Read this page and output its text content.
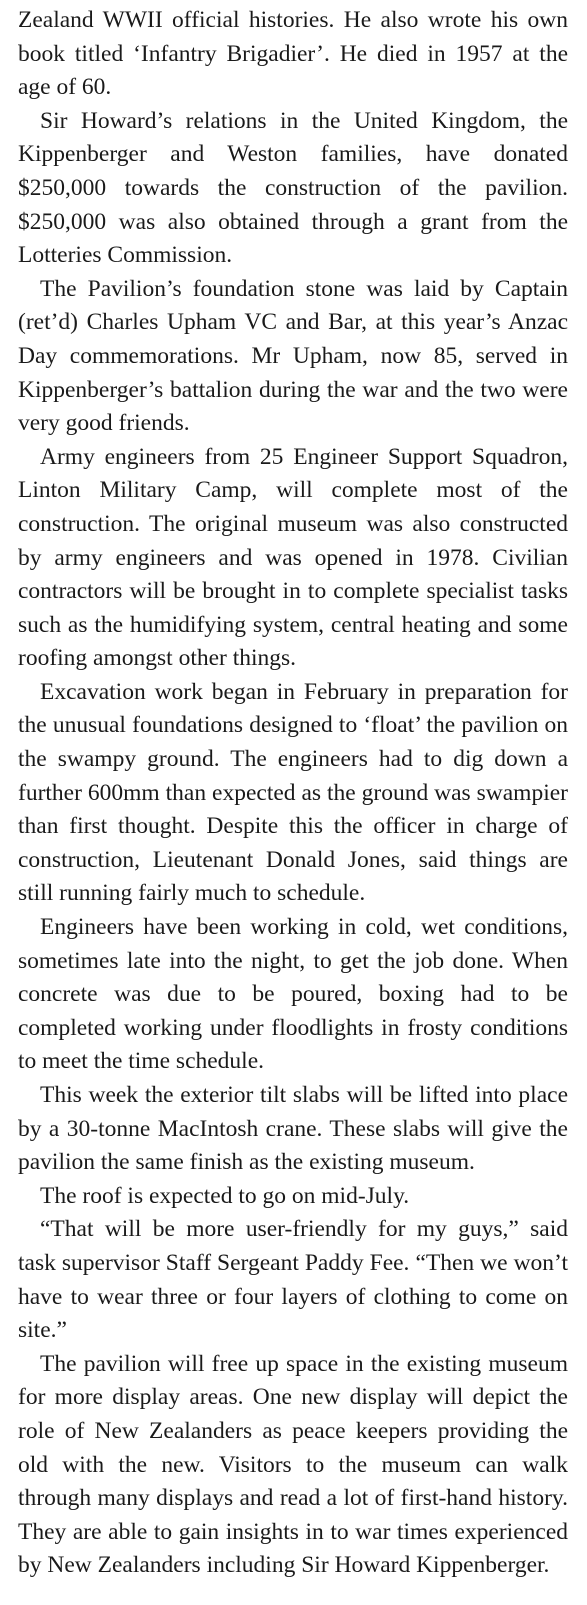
Zealand WWII official histories. He also wrote his own book titled ‘Infantry Brigadier’. He died in 1957 at the age of 60.

Sir Howard’s relations in the United Kingdom, the Kippenberger and Weston families, have donated $250,000 towards the construction of the pavilion. $250,000 was also obtained through a grant from the Lotteries Commission.

The Pavilion’s foundation stone was laid by Captain (ret’d) Charles Upham VC and Bar, at this year’s Anzac Day commemorations. Mr Upham, now 85, served in Kippenberger’s battalion during the war and the two were very good friends.

Army engineers from 25 Engineer Support Squadron, Linton Military Camp, will complete most of the construction. The original museum was also constructed by army engineers and was opened in 1978. Civilian contractors will be brought in to complete specialist tasks such as the humidifying system, central heating and some roofing amongst other things.

Excavation work began in February in preparation for the unusual foundations designed to ‘float’ the pavilion on the swampy ground. The engineers had to dig down a further 600mm than expected as the ground was swampier than first thought. Despite this the officer in charge of construction, Lieutenant Donald Jones, said things are still running fairly much to schedule.

Engineers have been working in cold, wet conditions, sometimes late into the night, to get the job done. When concrete was due to be poured, boxing had to be completed working under floodlights in frosty conditions to meet the time schedule.

This week the exterior tilt slabs will be lifted into place by a 30-tonne MacIntosh crane. These slabs will give the pavilion the same finish as the existing museum.

The roof is expected to go on mid-July.

“That will be more user-friendly for my guys,” said task supervisor Staff Sergeant Paddy Fee. “Then we won’t have to wear three or four layers of clothing to come on site.”

The pavilion will free up space in the existing museum for more display areas. One new display will depict the role of New Zealanders as peace keepers providing the old with the new. Visitors to the museum can walk through many displays and read a lot of first-hand history. They are able to gain insights in to war times experienced by New Zealanders including Sir Howard Kippenberger.
